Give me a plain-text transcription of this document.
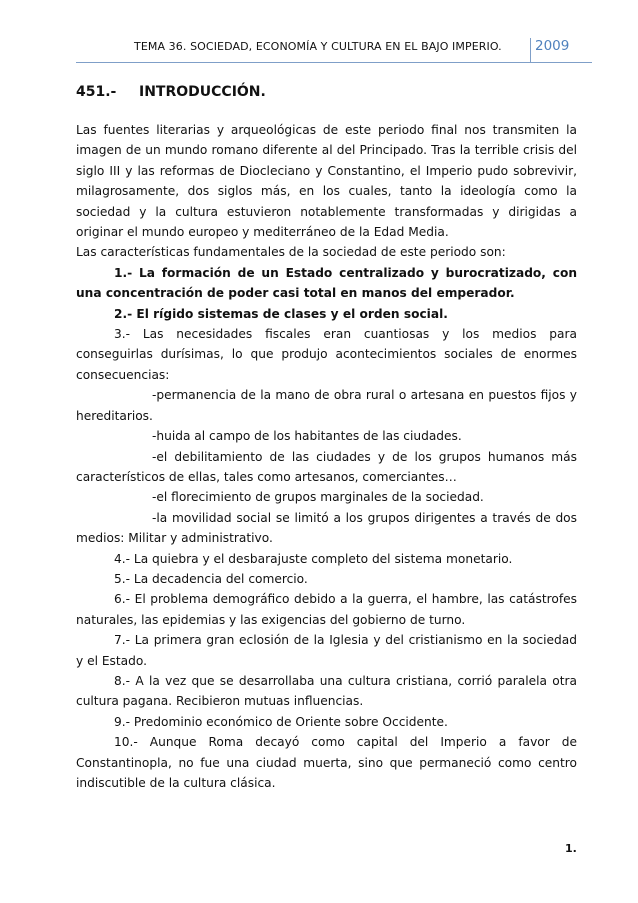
TEMA 36. SOCIEDAD, ECONOMÍA Y CULTURA EN EL BAJO IMPERIO. 2009
451.- INTRODUCCIÓN.

Las fuentes literarias y arqueológicas de este periodo final nos transmiten la imagen de un mundo romano diferente al del Principado. Tras la terrible crisis del siglo III y las reformas de Diocleciano y Constantino, el Imperio pudo sobrevivir, milagrosamente, dos siglos más, en los cuales, tanto la ideología como la sociedad y la cultura estuvieron notablemente transformadas y dirigidas a originar el mundo europeo y mediterráneo de la Edad Media.

Las características fundamentales de la sociedad de este periodo son:

1.- La formación de un Estado centralizado y burocratizado, con una concentración de poder casi total en manos del emperador.

2.- El rígido sistemas de clases y el orden social.

3.- Las necesidades fiscales eran cuantiosas y los medios para conseguirlas durísimas, lo que produjo acontecimientos sociales de enormes consecuencias:

-permanencia de la mano de obra rural o artesana en puestos fijos y hereditarios.

-huida al campo de los habitantes de las ciudades.

-el debilitamiento de las ciudades y de los grupos humanos más característicos de ellas, tales como artesanos, comerciantes…

-el florecimiento de grupos marginales de la sociedad.

-la movilidad social se limitó a los grupos dirigentes a través de dos medios: Militar y administrativo.

4.- La quiebra y el desbarajuste completo del sistema monetario.

5.- La decadencia del comercio.

6.- El problema demográfico debido a la guerra, el hambre, las catástrofes naturales, las epidemias y las exigencias del gobierno de turno.

7.- La primera gran eclosión de la Iglesia y del cristianismo en la sociedad y el Estado.

8.- A la vez que se desarrollaba una cultura cristiana, corrió paralela otra cultura pagana. Recibieron mutuas influencias.

9.- Predominio económico de Oriente sobre Occidente.

10.- Aunque Roma decayó como capital del Imperio a favor de Constantinopla, no fue una ciudad muerta, sino que permaneció como centro indiscutible de la cultura clásica.

1.
